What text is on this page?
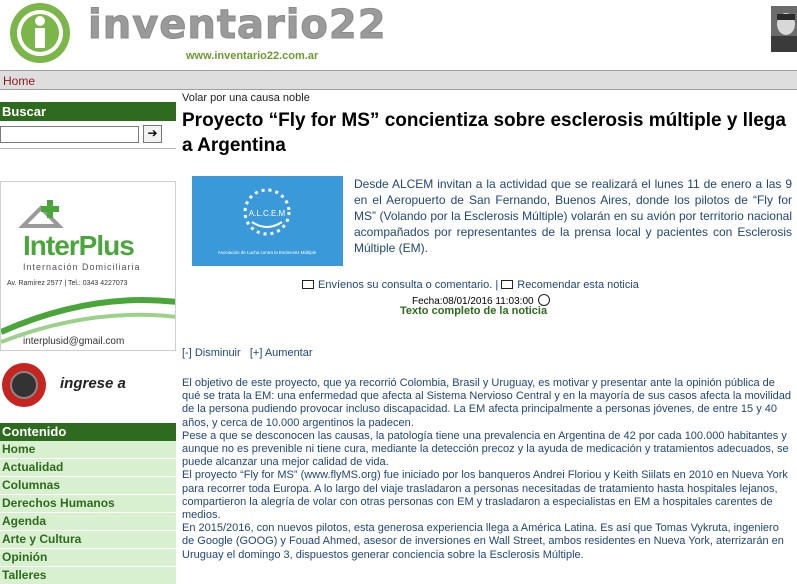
inventario22
www.inventario22.com.ar
Home
Buscar
➔
InterPlus
Internación Domiciliaria
Av. Ramírez 2577 | Tel.: 0343 4227073
interplusid@gmail.com
ingrese a
Contenido
Home
Actualidad
Columnas
Derechos Humanos
Agenda
Arte y Cultura
Opinión
Talleres
Volar por una causa noble
Proyecto “Fly for MS” concientiza sobre esclerosis múltiple y llega a Argentina
A.L.C.E.M
Asociación de Lucha contra la Esclerosis Múltiple
Desde ALCEM invitan a la actividad que se realizará el lunes 11 de enero a las 9 en el Aeropuerto de San Fernando, Buenos Aires, donde los pilotos de “Fly for MS” (Volando por la Esclerosis Múltiple) volarán en su avión por territorio nacional acompañados por representantes de la prensa local y pacientes con Esclerosis Múltiple (EM).
Envíenos su consulta o comentario. | Recomendar esta noticia
Fecha:08/01/2016 11:03:00
Texto completo de la noticia
[-] Disminuir [+] Aumentar

El objetivo de este proyecto, que ya recorrió Colombia, Brasil y Uruguay, es motivar y presentar ante la opinión pública de qué se trata la EM: una enfermedad que afecta al Sistema Nervioso Central y en la mayoría de sus casos afecta la movilidad de la persona pudiendo provocar incluso discapacidad. La EM afecta principalmente a personas jóvenes, de entre 15 y 40 años, y cerca de 10.000 argentinos la padecen.

Pese a que se desconocen las causas, la patología tiene una prevalencia en Argentina de 42 por cada 100.000 habitantes y aunque no es prevenible ni tiene cura, mediante la detección precoz y la ayuda de medicación y tratamientos adecuados, se puede alcanzar una mejor calidad de vida.

El proyecto “Fly for MS” (www.flyMS.org) fue iniciado por los banqueros Andrei Floriou y Keith Siilats en 2010 en Nueva York para recorrer toda Europa. A lo largo del viaje trasladaron a personas necesitadas de tratamiento hasta hospitales lejanos, compartieron la alegría de volar con otras personas con EM y trasladaron a especialistas en EM a hospitales carentes de medios.

En 2015/2016, con nuevos pilotos, esta generosa experiencia llega a América Latina. Es así que Tomas Vykruta, ingeniero de Google (GOOG) y Fouad Ahmed, asesor de inversiones en Wall Street, ambos residentes en Nueva York, aterrizarán en Uruguay el domingo 3, dispuestos generar conciencia sobre la Esclerosis Múltiple.
